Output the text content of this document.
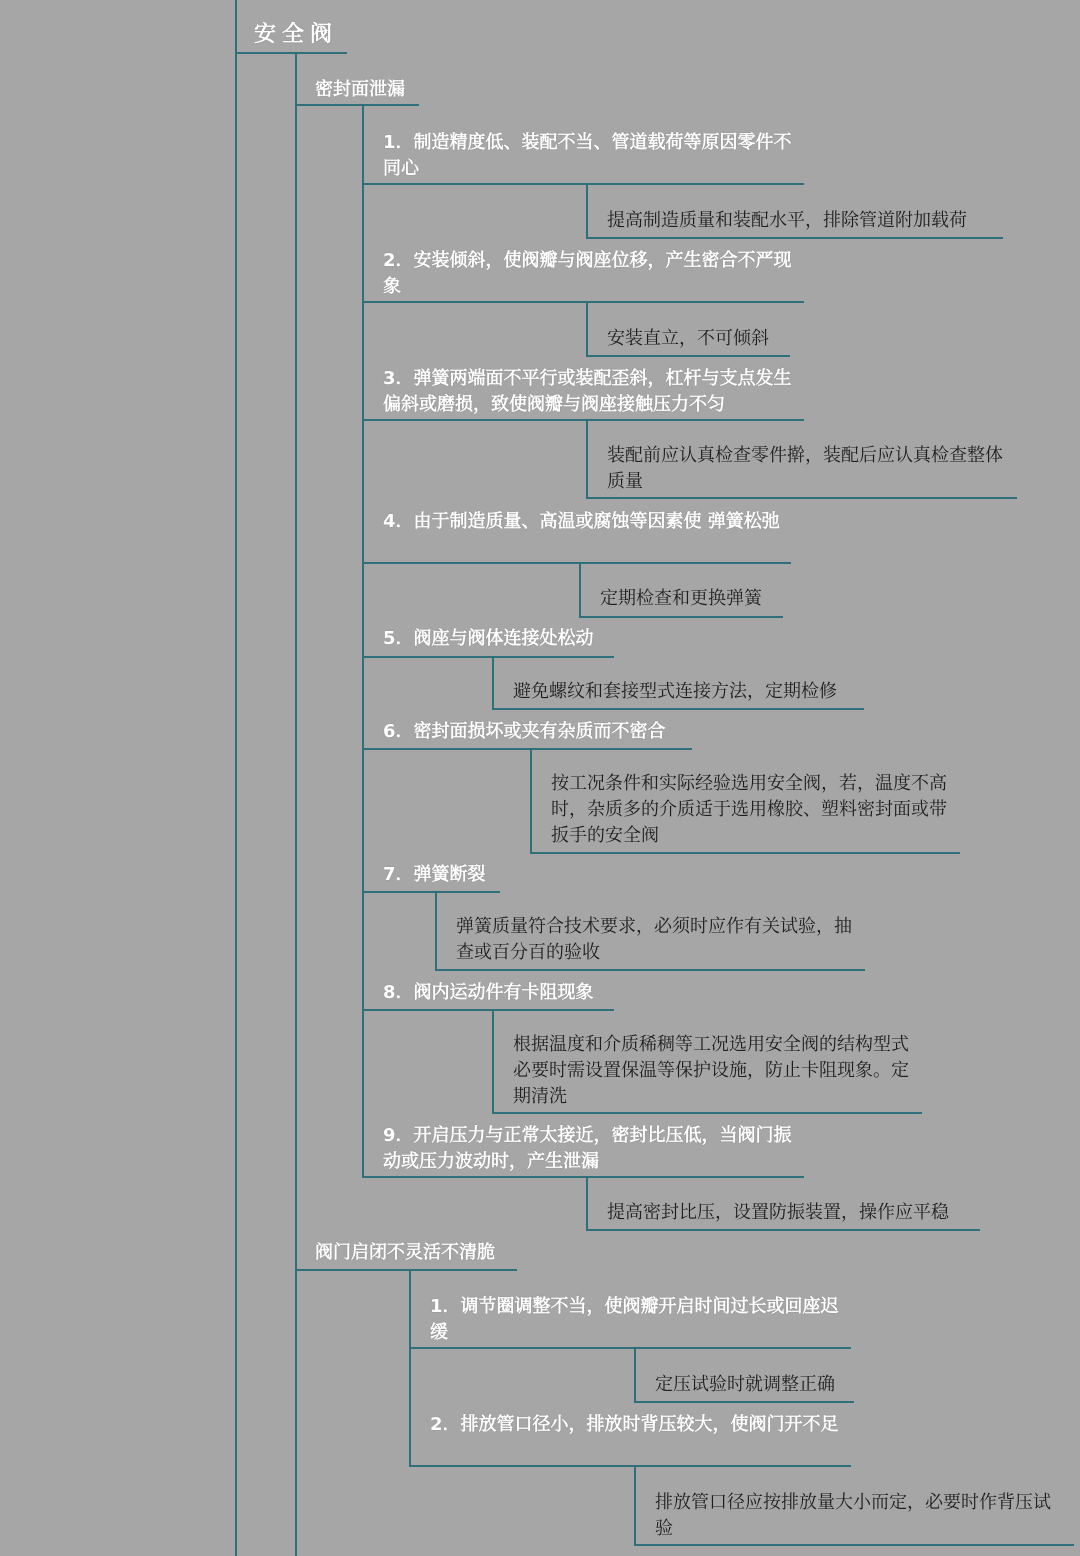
安全阀
密封面泄漏
1．制造精度低、装配不当、管道载荷等原因零件不同心
提高制造质量和装配水平，排除管道附加载荷
2．安装倾斜，使阀瓣与阀座位移，产生密合不严现象
安装直立，不可倾斜
3．弹簧两端面不平行或装配歪斜，杠杆与支点发生偏斜或磨损，致使阀瓣与阀座接触压力不匀
装配前应认真检查零件擀，装配后应认真检查整体质量
4．由于制造质量、高温或腐蚀等因素使 弹簧松弛
定期检查和更换弹簧
5．阀座与阀体连接处松动
避免螺纹和套接型式连接方法，定期检修
6．密封面损坏或夹有杂质而不密合
按工况条件和实际经验选用安全阀，若，温度不高时，杂质多的介质适于选用橡胶、塑料密封面或带扳手的安全阀
7．弹簧断裂
弹簧质量符合技术要求，必须时应作有关试验，抽查或百分百的验收
8．阀内运动件有卡阻现象
根据温度和介质稀稠等工况选用安全阀的结构型式必要时需设置保温等保护设施，防止卡阻现象。定期清洗
9．开启压力与正常太接近，密封比压低，当阀门振动或压力波动时，产生泄漏
提高密封比压，设置防振装置，操作应平稳
阀门启闭不灵活不清脆
1．调节圈调整不当，使阀瓣开启时间过长或回座迟缓
定压试验时就调整正确
2．排放管口径小，排放时背压较大，使阀门开不足
排放管口径应按排放量大小而定，必要时作背压试验
